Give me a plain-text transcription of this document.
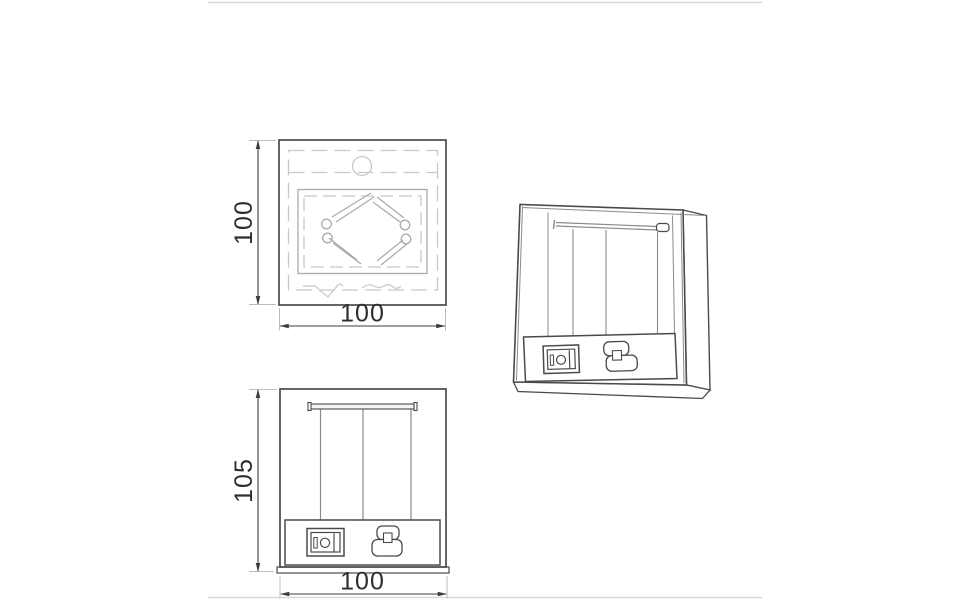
100
100
105
100
